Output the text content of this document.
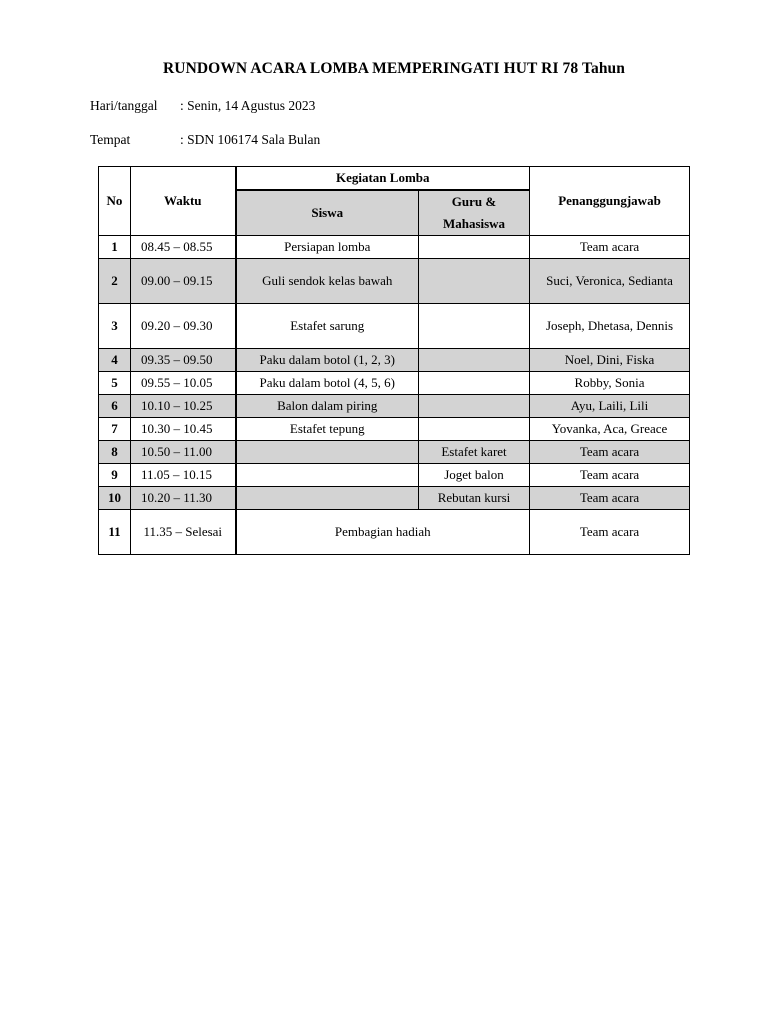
RUNDOWN ACARA LOMBA MEMPERINGATI HUT RI 78 Tahun
Hari/tanggal : Senin, 14 Agustus 2023
Tempat	: SDN 106174 Sala Bulan
No	Waktu	Kegiatan Lomba		Penanggungjawab
		Siswa	Guru & Mahasiswa	
1	08.45 – 08.55	Persiapan lomba		Team acara
2	09.00 – 09.15	Guli sendok kelas bawah		Suci, Veronica, Sedianta
3	09.20 – 09.30	Estafet sarung		Joseph, Dhetasa, Dennis
4	09.35 – 09.50	Paku dalam botol (1, 2, 3)		Noel, Dini, Fiska
5	09.55 – 10.05	Paku dalam botol (4, 5, 6)		Robby, Sonia
6	10.10 – 10.25	Balon dalam piring		Ayu, Laili, Lili
7	10.30 – 10.45	Estafet tepung		Yovanka, Aca, Greace
8	10.50 – 11.00		Estafet karet	Team acara
9	11.05 – 10.15		Joget balon	Team acara
10	10.20 – 11.30		Rebutan kursi	Team acara
11	11.35 – Selesai	Pembagian hadiah		Team acara
